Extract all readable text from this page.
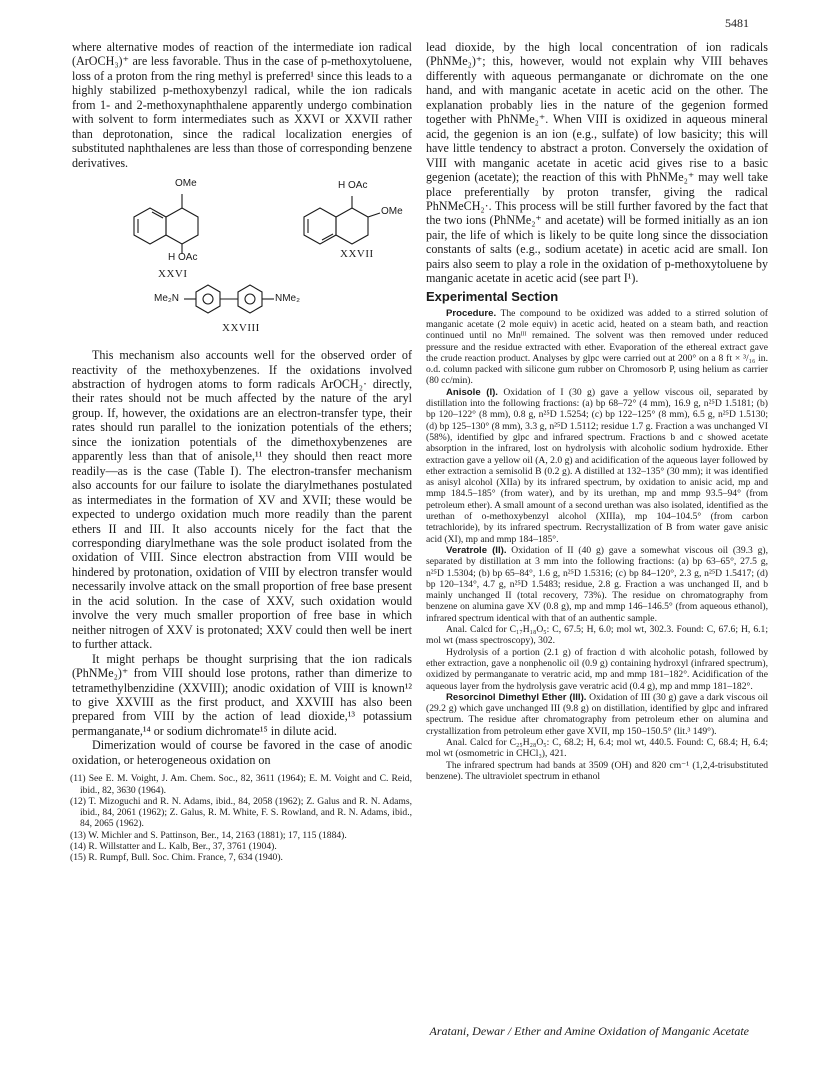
5481

where alternative modes of reaction of the intermediate ion radical (ArOCH₃)⁺ are less favorable. Thus in the case of p-methoxytoluene, loss of a proton from the ring methyl is preferred¹ since this leads to a highly stabilized p-methoxybenzyl radical, while the ion radicals from 1- and 2-methoxynaphthalene apparently undergo combination with solvent to form intermediates such as XXVI or XXVII rather than deprotonation, since the radical localization energies of substituted naphthalenes are less than those of corresponding benzene derivatives.

OMe
H OAc
XXVI
H OAc
OMe
XXVII
Me₂N	NMe₂
XXVIII

This mechanism also accounts well for the observed order of reactivity of the methoxybenzenes. If the oxidations involved abstraction of hydrogen atoms to form radicals ArOCH₂· directly, their rates should not be much affected by the nature of the aryl group. If, however, the oxidations are an electron-transfer type, their rates should run parallel to the ionization potentials of the ethers; since the ionization potentials of the dimethoxybenzenes are apparently less than that of anisole,¹¹ they should then react more readily—as is the case (Table I). The electron-transfer mechanism also accounts for our failure to isolate the diarylmethanes postulated as intermediates in the formation of XV and XVII; these would be expected to undergo oxidation much more readily than the parent ethers II and III. It also accounts nicely for the fact that the corresponding diarylmethane was the sole product isolated from the oxidation of VIII. Since electron abstraction from VIII would be hindered by protonation, oxidation of VIII by electron transfer would necessarily involve attack on the small proportion of free base present in the acid solution. In the case of XXV, such oxidation would involve the very much smaller proportion of free base in which neither nitrogen of XXV is protonated; XXV could then well be inert to further attack.

It might perhaps be thought surprising that the ion radicals (PhNMe₂)⁺ from VIII should lose protons, rather than dimerize to tetramethylbenzidine (XXVIII); anodic oxidation of VIII is known¹² to give XXVIII as the first product, and XXVIII has also been prepared from VIII by the action of lead dioxide,¹³ potassium permanganate,¹⁴ or sodium dichromate¹⁵ in dilute acid.

Dimerization would of course be favored in the case of anodic oxidation, or heterogeneous oxidation on

(11) See E. M. Voight, J. Am. Chem. Soc., 82, 3611 (1964); E. M. Voight and C. Reid, ibid., 82, 3630 (1964).

(12) T. Mizoguchi and R. N. Adams, ibid., 84, 2058 (1962); Z. Galus and R. N. Adams, ibid., 84, 2061 (1962); Z. Galus, R. M. White, F. S. Rowland, and R. N. Adams, ibid., 84, 2065 (1962).

(13) W. Michler and S. Pattinson, Ber., 14, 2163 (1881); 17, 115 (1884).

(14) R. Willstatter and L. Kalb, Ber., 37, 3761 (1904).

(15) R. Rumpf, Bull. Soc. Chim. France, 7, 634 (1940).

lead dioxide, by the high local concentration of ion radicals (PhNMe₂)⁺; this, however, would not explain why VIII behaves differently with aqueous permanganate or dichromate on the one hand, and with manganic acetate in acetic acid on the other. The explanation probably lies in the nature of the gegenion formed together with PhNMe₂⁺. When VIII is oxidized in aqueous mineral acid, the gegenion is an ion (e.g., sulfate) of low basicity; this will have little tendency to abstract a proton. Conversely the oxidation of VIII with manganic acetate in acetic acid gives rise to a basic gegenion (acetate); the reaction of this with PhNMe₂⁺ may well take place preferentially by proton transfer, giving the radical PhNMeCH₂·. This process will be still further favored by the fact that the two ions (PhNMe₂⁺ and acetate) will be formed initially as an ion pair, the life of which is likely to be quite long since the dissociation constants of salts (e.g., sodium acetate) in acetic acid are small. Ion pairs also seem to play a role in the oxidation of p-methoxytoluene by manganic acetate in acetic acid (see part I¹).

Experimental Section

Procedure. The compound to be oxidized was added to a stirred solution of manganic acetate (2 mole equiv) in acetic acid, heated on a steam bath, and reaction continued until no Mnᴵᴵᴵ remained. The solvent was then removed under reduced pressure and the residue extracted with ether. Evaporation of the ethereal extract gave the crude reaction product. Analyses by glpc were carried out at 200° on a 8 ft × ³/₁₆ in. o.d. column packed with silicone gum rubber on Chromosorb P, using helium as carrier (80 cc/min).

Anisole (I). Oxidation of I (30 g) gave a yellow viscous oil, separated by distillation into the following fractions: (a) bp 68–72° (4 mm), 16.9 g, n²⁵D 1.5181; (b) bp 120–122° (8 mm), 0.8 g, n²⁵D 1.5254; (c) bp 122–125° (8 mm), 6.5 g, n²⁵D 1.5130; (d) bp 125–130° (8 mm), 3.3 g, n²⁵D 1.5112; residue 1.7 g. Fraction a was unchanged VI (58%), identified by glpc and infrared spectrum. Fractions b and c showed acetate absorption in the infrared, lost on hydrolysis with alcoholic sodium hydroxide. Ether extraction gave a yellow oil (A, 2.0 g) and acidification of the aqueous layer followed by ether extraction a semisolid B (0.2 g). A distilled at 132–135° (30 mm); it was identified as anisyl alcohol (XIIa) by its infrared spectrum, by oxidation to anisic acid, mp and mmp 184.5–185° (from water), and by its urethan, mp and mmp 93.5–94° (from petroleum ether). A small amount of a second urethan was also isolated, identified as the urethan of o-methoxybenzyl alcohol (XIIIa), mp 104–104.5° (from carbon tetrachloride), by its infrared spectrum. Recrystallization of B from water gave anisic acid (XI), mp and mmp 184–185°.

Veratrole (II). Oxidation of II (40 g) gave a somewhat viscous oil (39.3 g), separated by distillation at 3 mm into the following fractions: (a) bp 63–65°, 27.5 g, n²⁵D 1.5304; (b) bp 65–84°, 1.6 g, n²⁵D 1.5316; (c) bp 84–120°, 2.3 g, n²⁵D 1.5417; (d) bp 120–134°, 4.7 g, n²⁵D 1.5483; residue, 2.8 g. Fraction a was unchanged II, and b mainly unchanged II (total recovery, 73%). The residue on chromatography from benzene on alumina gave XV (0.8 g), mp and mmp 146–146.5° (from aqueous ethanol), infrared spectrum identical with that of an authentic sample.

Anal. Calcd for C₁₇H₁₈O₅: C, 67.5; H, 6.0; mol wt, 302.3. Found: C, 67.6; H, 6.1; mol wt (mass spectroscopy), 302.

Hydrolysis of a portion (2.1 g) of fraction d with alcoholic potash, followed by ether extraction, gave a nonphenolic oil (0.9 g) containing hydroxyl (infrared spectrum), oxidized by permanganate to veratric acid, mp and mmp 181–182°. Acidification of the aqueous layer from the hydrolysis gave veratric acid (0.4 g), mp and mmp 181–182°.

Resorcinol Dimethyl Ether (III). Oxidation of III (30 g) gave a dark viscous oil (29.2 g) which gave unchanged III (9.8 g) on distillation, identified by glpc and infrared spectrum. The residue after chromatography from petroleum ether on alumina and crystallization from petroleum ether gave XVII, mp 150–150.5° (lit.³ 149°).

Anal. Calcd for C₂₅H₂₈O₅: C, 68.2; H, 6.4; mol wt, 440.5. Found: C, 68.4; H, 6.4; mol wt (osmometric in CHCl₃), 421.

The infrared spectrum had bands at 3509 (OH) and 820 cm⁻¹ (1,2,4-trisubstituted benzene). The ultraviolet spectrum in ethanol

Aratani, Dewar / Ether and Amine Oxidation of Manganic Acetate
